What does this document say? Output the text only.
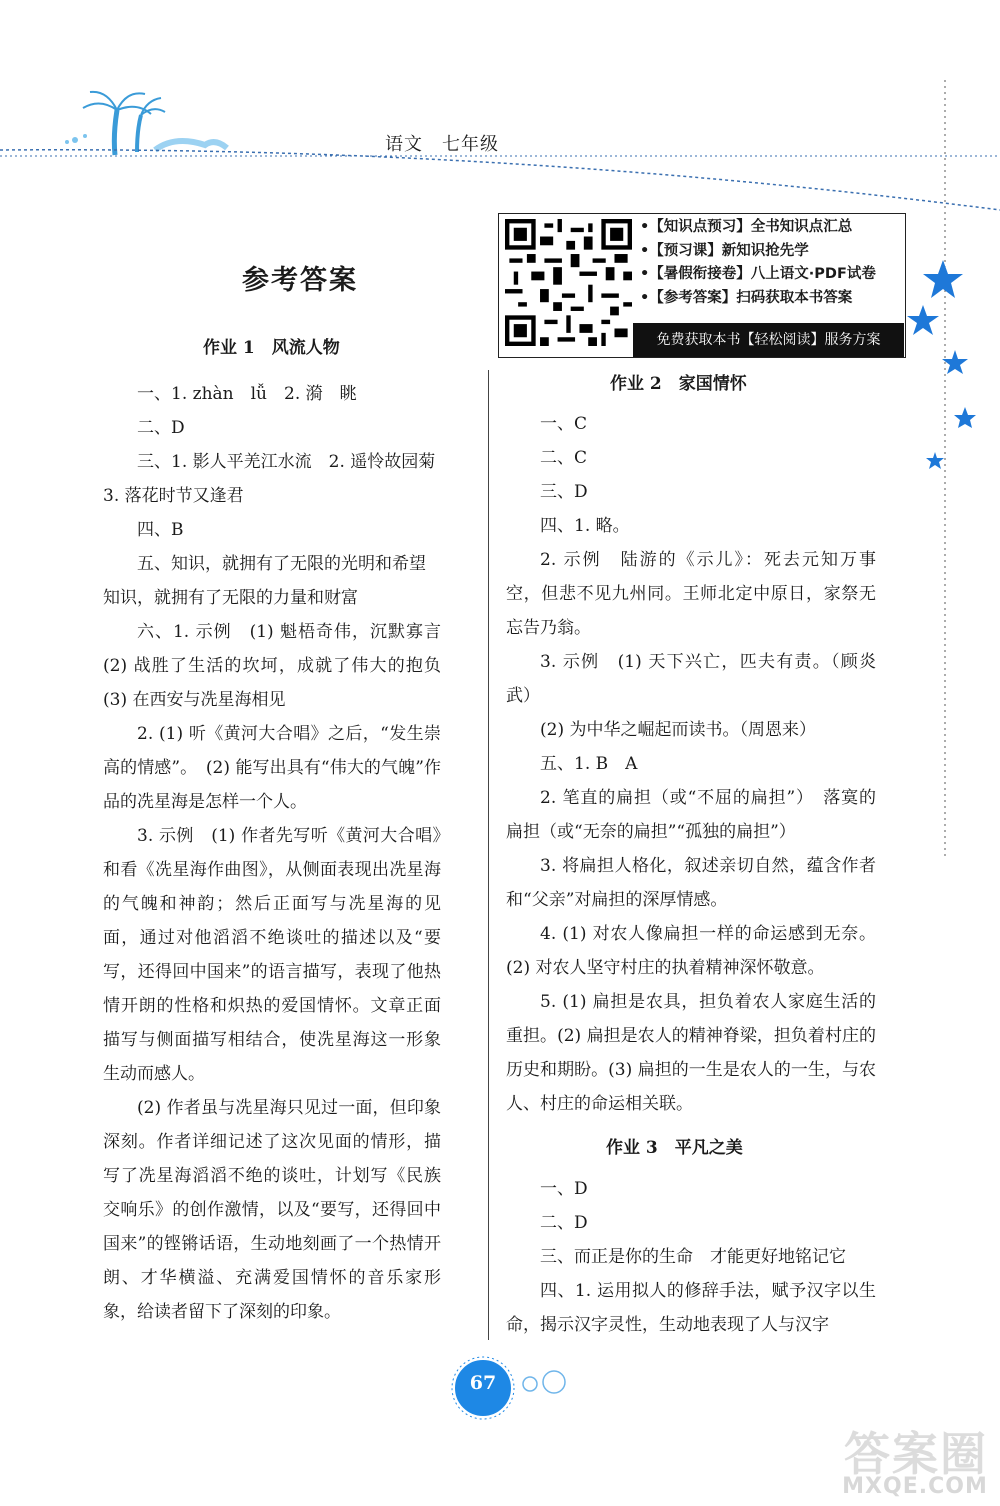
语文　七年级
参考答案
•【知识点预习】全书知识点汇总
•【预习课】新知识抢先学
•【暑假衔接卷】八上语文·PDF试卷
•【参考答案】扫码获取本书答案
免费获取本书【轻松阅读】服务方案
作业 1　风流人物

一、1. zhàn　lǚ　2. 漪　眺

二、D

三、1. 影人平羌江水流　2. 遥怜故园菊

3. 落花时节又逢君

四、B

五、知识，就拥有了无限的光明和希望

知识，就拥有了无限的力量和财富

六、1. 示例　(1) 魁梧奇伟，沉默寡言　(2) 战胜了生活的坎坷，成就了伟大的抱负　(3) 在西安与冼星海相见

2. (1) 听《黄河大合唱》之后，“发生崇高的情感”。　(2) 能写出具有“伟大的气魄”作品的冼星海是怎样一个人。

3. 示例　(1) 作者先写听《黄河大合唱》和看《冼星海作曲图》，从侧面表现出冼星海的气魄和神韵；然后正面写与冼星海的见面，通过对他滔滔不绝谈吐的描述以及“要写，还得回中国来”的语言描写，表现了他热情开朗的性格和炽热的爱国情怀。文章正面描写与侧面描写相结合，使冼星海这一形象生动而感人。

(2) 作者虽与冼星海只见过一面，但印象深刻。作者详细记述了这次见面的情形，描写了冼星海滔滔不绝的谈吐，计划写《民族交响乐》的创作激情，以及“要写，还得回中国来”的铿锵话语，生动地刻画了一个热情开朗、才华横溢、充满爱国情怀的音乐家形象，给读者留下了深刻的印象。

作业 2　家国情怀

一、C

二、C

三、D

四、1. 略。

2. 示例　陆游的《示儿》：死去元知万事空，但悲不见九州同。王师北定中原日，家祭无忘告乃翁。

3. 示例　(1) 天下兴亡，匹夫有责。（顾炎武）

(2) 为中华之崛起而读书。（周恩来）

五、1. B　A

2. 笔直的扁担（或“不屈的扁担”）　落寞的扁担（或“无奈的扁担”“孤独的扁担”）

3. 将扁担人格化，叙述亲切自然，蕴含作者和“父亲”对扁担的深厚情感。

4. (1) 对农人像扁担一样的命运感到无奈。(2) 对农人坚守村庄的执着精神深怀敬意。

5. (1) 扁担是农具，担负着农人家庭生活的重担。(2) 扁担是农人的精神脊梁，担负着村庄的历史和期盼。(3) 扁担的一生是农人的一生，与农人、村庄的命运相关联。

作业 3　平凡之美

一、D

二、D

三、而正是你的生命　才能更好地铭记它

四、1. 运用拟人的修辞手法，赋予汉字以生命，揭示汉字灵性，生动地表现了人与汉字

67
答案圈
MXQE.COM
